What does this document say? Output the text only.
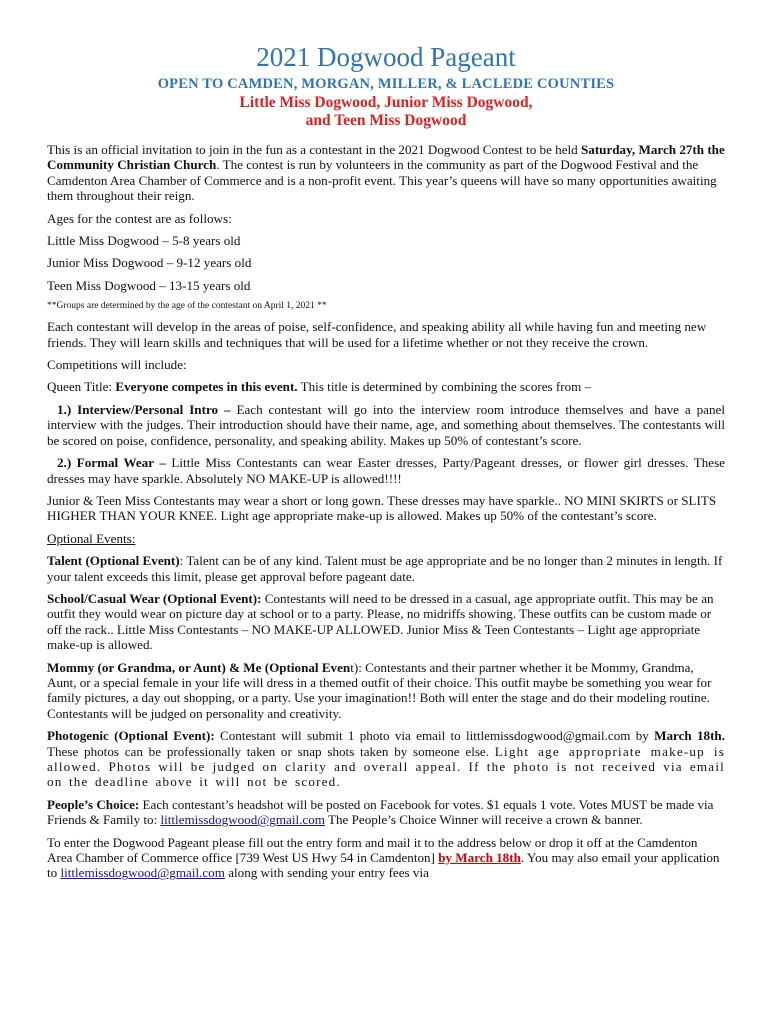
2021 Dogwood Pageant
OPEN TO CAMDEN, MORGAN, MILLER, & LACLEDE COUNTIES
Little Miss Dogwood, Junior Miss Dogwood,
and Teen Miss Dogwood

This is an official invitation to join in the fun as a contestant in the 2021 Dogwood Contest to be held Saturday, March 27th the Community Christian Church. The contest is run by volunteers in the community as part of the Dogwood Festival and the Camdenton Area Chamber of Commerce and is a non-profit event. This year’s queens will have so many opportunities awaiting them throughout their reign.

Ages for the contest are as follows:

Little Miss Dogwood – 5-8 years old

Junior Miss Dogwood – 9-12 years old

Teen Miss Dogwood – 13-15 years old

**Groups are determined by the age of the contestant on April 1, 2021 **

Each contestant will develop in the areas of poise, self-confidence, and speaking ability all while having fun and meeting new friends. They will learn skills and techniques that will be used for a lifetime whether or not they receive the crown.

Competitions will include:

Queen Title: Everyone competes in this event. This title is determined by combining the scores from –

1.) Interview/Personal Intro – Each contestant will go into the interview room introduce themselves and have a panel interview with the judges. Their introduction should have their name, age, and something about themselves. The contestants will be scored on poise, confidence, personality, and speaking ability. Makes up 50% of contestant’s score.

2.) Formal Wear – Little Miss Contestants can wear Easter dresses, Party/Pageant dresses, or flower girl dresses. These dresses may have sparkle. Absolutely NO MAKE-UP is allowed!!!!

Junior & Teen Miss Contestants may wear a short or long gown. These dresses may have sparkle.. NO MINI SKIRTS or SLITS HIGHER THAN YOUR KNEE. Light age appropriate make-up is allowed. Makes up 50% of the contestant’s score.

Optional Events:

Talent (Optional Event): Talent can be of any kind. Talent must be age appropriate and be no longer than 2 minutes in length. If your talent exceeds this limit, please get approval before pageant date.

School/Casual Wear (Optional Event): Contestants will need to be dressed in a casual, age appropriate outfit. This may be an outfit they would wear on picture day at school or to a party. Please, no midriffs showing. These outfits can be custom made or off the rack.. Little Miss Contestants – NO MAKE-UP ALLOWED. Junior Miss & Teen Contestants – Light age appropriate make-up is allowed.

Mommy (or Grandma, or Aunt) & Me (Optional Event): Contestants and their partner whether it be Mommy, Grandma, Aunt, or a special female in your life will dress in a themed outfit of their choice. This outfit maybe be something you wear for family pictures, a day out shopping, or a party. Use your imagination!! Both will enter the stage and do their modeling routine. Contestants will be judged on personality and creativity.

Photogenic (Optional Event): Contestant will submit 1 photo via email to littlemissdogwood@gmail.com by March 18th. These photos can be professionally taken or snap shots taken by someone else. Light age appropriate make-up is allowed. Photos will be judged on clarity and overall appeal. If the photo is not received via email on the deadline above it will not be scored.

People’s Choice: Each contestant’s headshot will be posted on Facebook for votes. $1 equals 1 vote. Votes MUST be made via Friends & Family to: littlemissdogwood@gmail.com The People’s Choice Winner will receive a crown & banner.

To enter the Dogwood Pageant please fill out the entry form and mail it to the address below or drop it off at the Camdenton Area Chamber of Commerce office [739 West US Hwy 54 in Camdenton] by March 18th. You may also email your application to littlemissdogwood@gmail.com along with sending your entry fees via
